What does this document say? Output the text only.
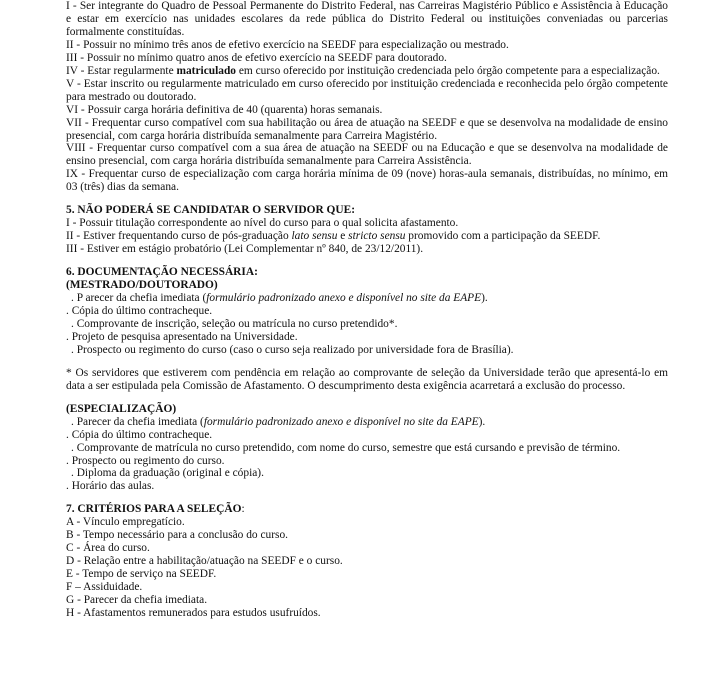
I - Ser integrante do Quadro de Pessoal Permanente do Distrito Federal, nas Carreiras Magistério Público e Assistência à Educação e estar em exercício nas unidades escolares da rede pública do Distrito Federal ou instituições conveniadas ou parcerias formalmente constituídas.
II - Possuir no mínimo três anos de efetivo exercício na SEEDF para especialização ou mestrado.
III - Possuir no mínimo quatro anos de efetivo exercício na SEEDF para doutorado.
IV - Estar regularmente matriculado em curso oferecido por instituição credenciada pelo órgão competente para a especialização.
V - Estar inscrito ou regularmente matriculado em curso oferecido por instituição credenciada e reconhecida pelo órgão competente para mestrado ou doutorado.
VI - Possuir carga horária definitiva de 40 (quarenta) horas semanais.
VII - Frequentar curso compatível com sua habilitação ou área de atuação na SEEDF e que se desenvolva na modalidade de ensino presencial, com carga horária distribuída semanalmente para Carreira Magistério.
VIII - Frequentar curso compatível com a sua área de atuação na SEEDF ou na Educação e que se desenvolva na modalidade de ensino presencial, com carga horária distribuída semanalmente para Carreira Assistência.
IX - Frequentar curso de especialização com carga horária mínima de 09 (nove) horas-aula semanais, distribuídas, no mínimo, em 03 (três) dias da semana.
5. NÃO PODERÁ SE CANDIDATAR O SERVIDOR QUE:
I - Possuir titulação correspondente ao nível do curso para o qual solicita afastamento.
II - Estiver frequentando curso de pós-graduação lato sensu e stricto sensu promovido com a participação da SEEDF.
III - Estiver em estágio probatório (Lei Complementar nº 840, de 23/12/2011).
6. DOCUMENTAÇÃO NECESSÁRIA:
(MESTRADO/DOUTORADO)
. P arecer da chefia imediata (formulário padronizado anexo e disponível no site da EAPE).
. Cópia do último contracheque.
. Comprovante de inscrição, seleção ou matrícula no curso pretendido*.
. Projeto de pesquisa apresentado na Universidade.
. Prospecto ou regimento do curso (caso o curso seja realizado por universidade fora de Brasília).
* Os servidores que estiverem com pendência em relação ao comprovante de seleção da Universidade terão que apresentá-lo em data a ser estipulada pela Comissão de Afastamento. O descumprimento desta exigência acarretará a exclusão do processo.
(ESPECIALIZAÇÃO)
. Parecer da chefia imediata (formulário padronizado anexo e disponível no site da EAPE).
. Cópia do último contracheque.
. Comprovante de matrícula no curso pretendido, com nome do curso, semestre que está cursando e previsão de término.
. Prospecto ou regimento do curso.
. Diploma da graduação (original e cópia).
. Horário das aulas.
7. CRITÉRIOS PARA A SELEÇÃO:
A - Vínculo empregatício.
B - Tempo necessário para a conclusão do curso.
C - Área do curso.
D - Relação entre a habilitação/atuação na SEEDF e o curso.
E - Tempo de serviço na SEEDF.
F – Assiduidade.
G - Parecer da chefia imediata.
H - Afastamentos remunerados para estudos usufruídos.
